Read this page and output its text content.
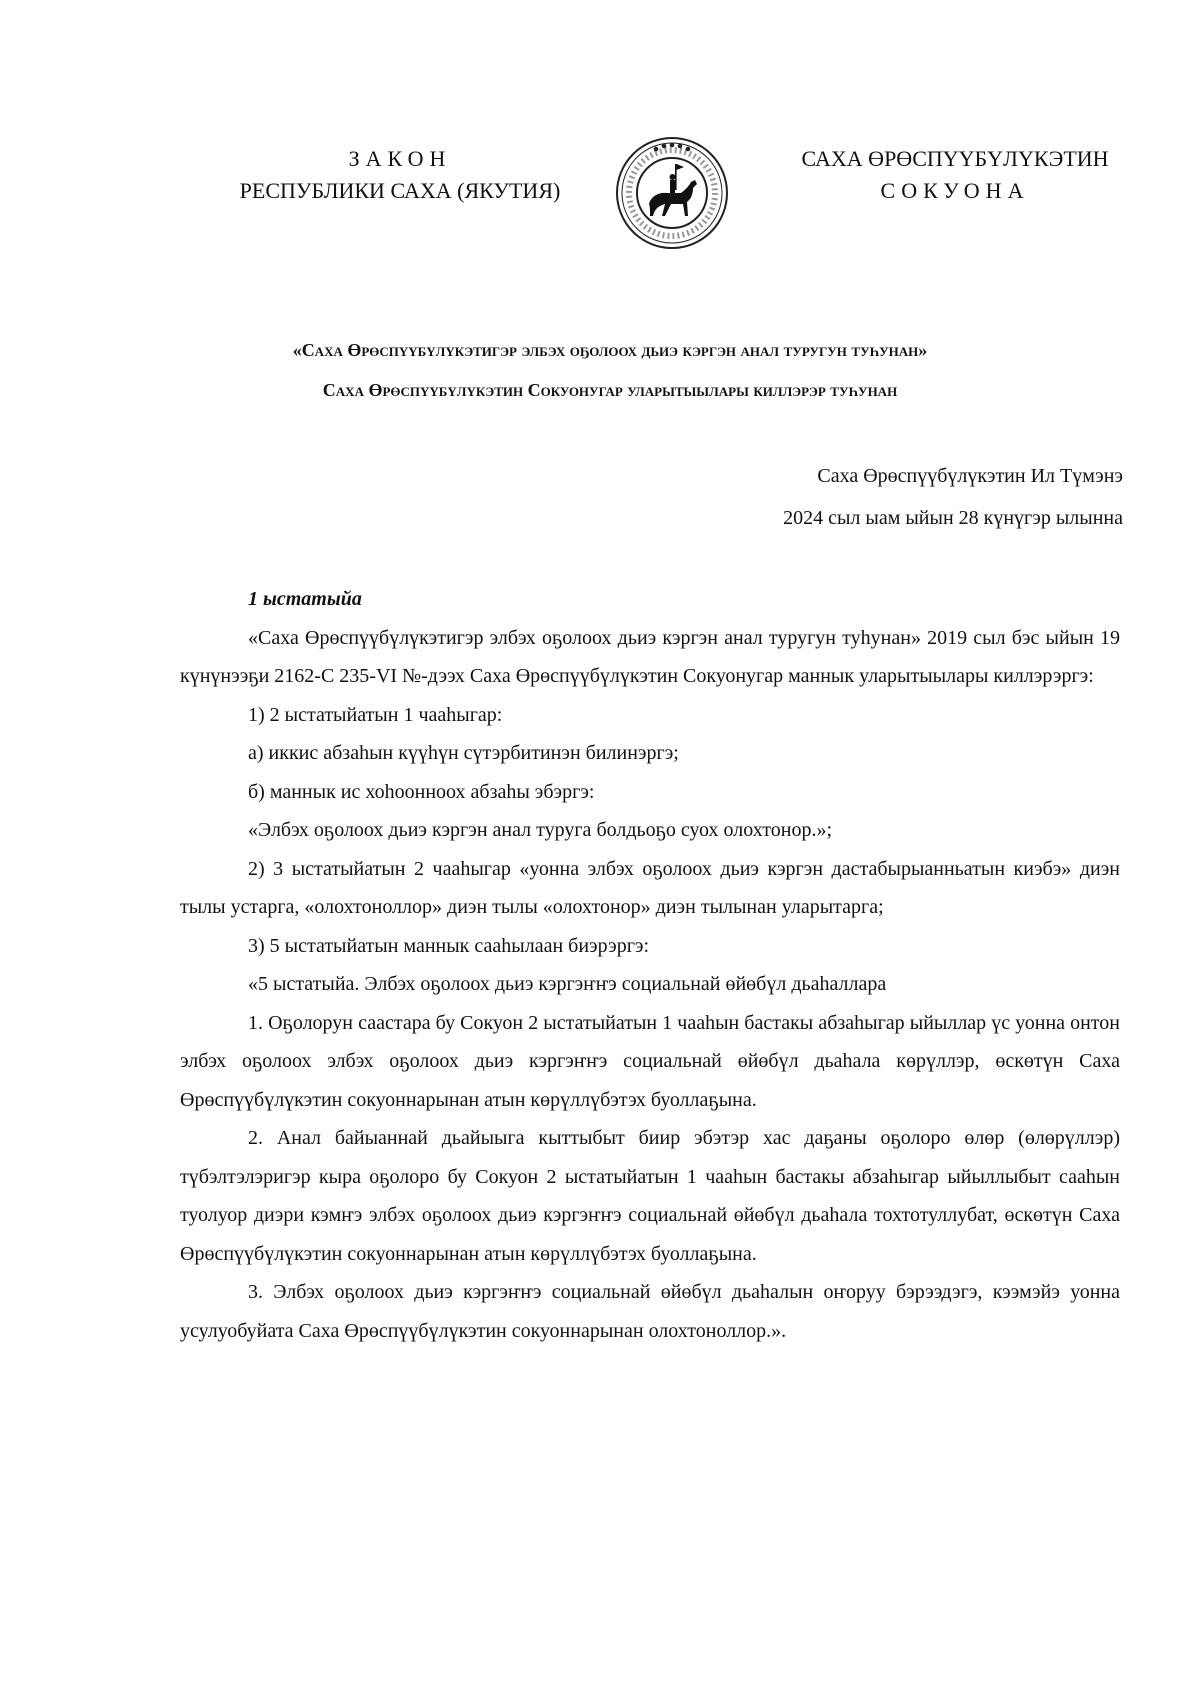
ЗАКОН
РЕСПУБЛИКИ САХА (ЯКУТИЯ)
САХА ӨРӨСПҮҮБҮЛҮКЭТИН
СОКУОНА
«Саха Өрөспүүбүлүкэтигэр элбэх оҕолоох дьиэ кэргэн анал туругун туһунан»
Саха Өрөспүүбүлүкэтин Сокуонугар уларытыылары киллэрэр туһунан
Саха Өрөспүүбүлүкэтин Ил Түмэнэ
2024 сыл ыам ыйын 28 күнүгэр ылынна

1 ыстатыйа

«Саха Өрөспүүбүлүкэтигэр элбэх оҕолоох дьиэ кэргэн анал туругун туһунан» 2019 сыл бэс ыйын 19 күнүнээҕи 2162-С 235-VI №-дээх Саха Өрөспүүбүлүкэтин Сокуонугар маннык уларытыылары киллэрэргэ:

1) 2 ыстатыйатын 1 чааһыгар:

а) иккис абзаһын күүһүн сүтэрбитинэн билинэргэ;

б) маннык ис хоһоонноох абзаһы эбэргэ:

«Элбэх оҕолоох дьиэ кэргэн анал туруга болдьоҕо суох олохтонор.»;

2) 3 ыстатыйатын 2 чааһыгар «уонна элбэх оҕолоох дьиэ кэргэн дастабырыанньатын киэбэ» диэн тылы устарга, «олохтоноллор» диэн тылы «олохтонор» диэн тылынан уларытарга;

3) 5 ыстатыйатын маннык сааһылаан биэрэргэ:

«5 ыстатыйа. Элбэх оҕолоох дьиэ кэргэҥҥэ социальнай өйөбүл дьаһаллара

1. Оҕолорун саастара бу Сокуон 2 ыстатыйатын 1 чааһын бастакы абзаһыгар ыйыллар үс уонна онтон элбэх оҕолоох элбэх оҕолоох дьиэ кэргэҥҥэ социальнай өйөбүл дьаһала көрүллэр, өскөтүн Саха Өрөспүүбүлүкэтин сокуоннарынан атын көрүллүбэтэх буоллаҕына.

2. Анал байыаннай дьайыыга кыттыбыт биир эбэтэр хас даҕаны оҕолоро өлөр (өлөрүллэр) түбэлтэлэригэр кыра оҕолоро бу Сокуон 2 ыстатыйатын 1 чааһын бастакы абзаһыгар ыйыллыбыт сааһын туолуор диэри кэмҥэ элбэх оҕолоох дьиэ кэргэҥҥэ социальнай өйөбүл дьаһала тохтотуллубат, өскөтүн Саха Өрөспүүбүлүкэтин сокуоннарынан атын көрүллүбэтэх буоллаҕына.

3. Элбэх оҕолоох дьиэ кэргэҥҥэ социальнай өйөбүл дьаһалын оҥоруу бэрээдэгэ, кээмэйэ уонна усулуобуйата Саха Өрөспүүбүлүкэтин сокуоннарынан олохтоноллор.».
